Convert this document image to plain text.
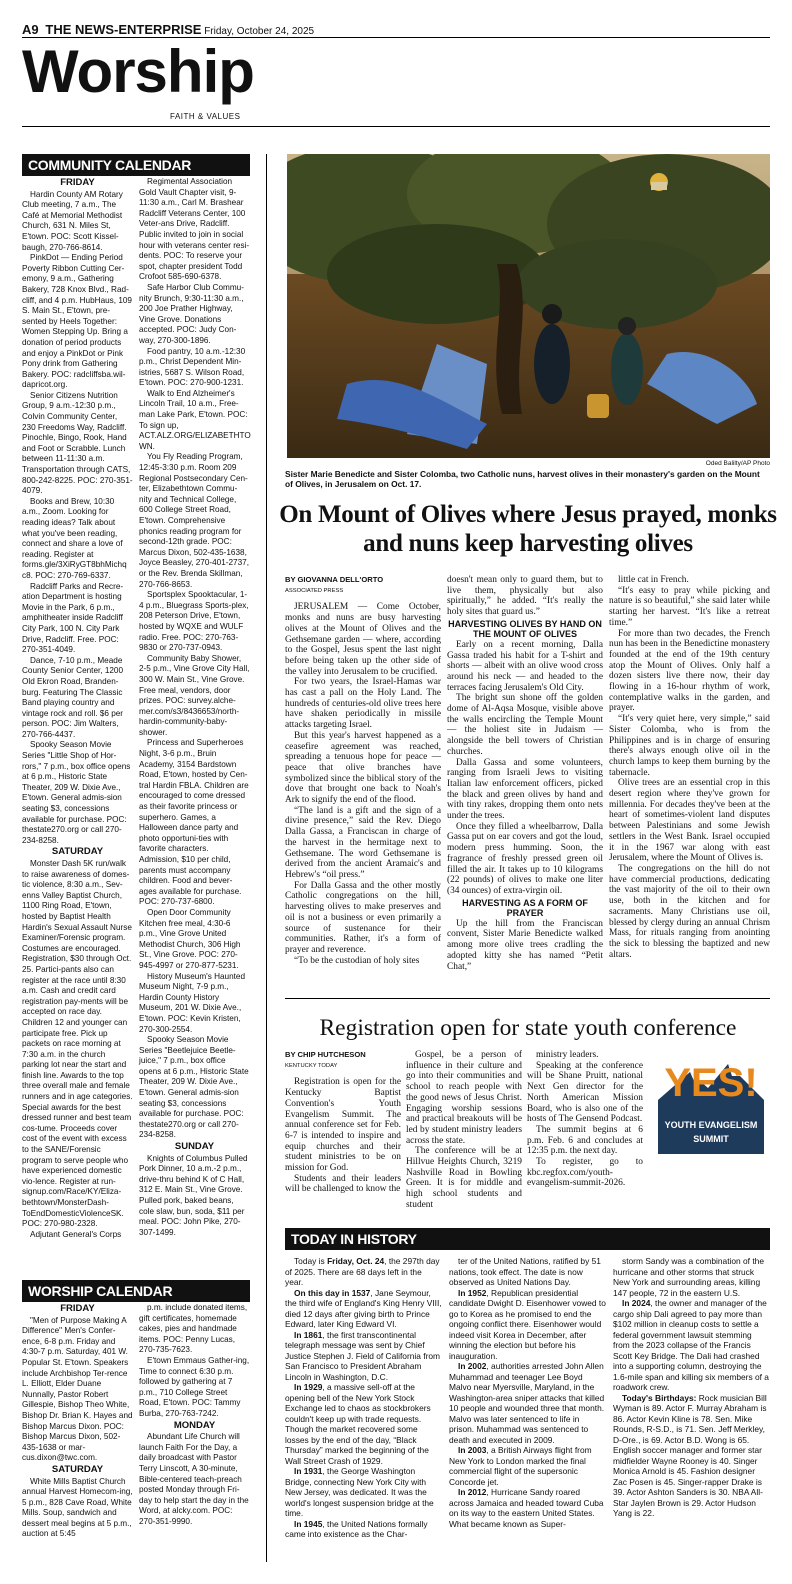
A9 THE NEWS-ENTERPRISE Friday, October 24, 2025
Worship
FAITH & VALUES
COMMUNITY CALENDAR
FRIDAY

Hardin County AM Rotary Club meeting, 7 a.m., The Café at Memorial Methodist Church, 631 N. Miles St, E'town. POC: Scott Kissel-baugh, 270-766-8614.

PinkDot — Ending Period Poverty Ribbon Cutting Cer-emony, 9 a.m., Gathering Bakery, 728 Knox Blvd., Rad-cliff, and 4 p.m. HubHaus, 109 S. Main St., E'town, pre-sented by Heels Together: Women Stepping Up. Bring a donation of period products and enjoy a PinkDot or Pink Pony drink from Gathering Bakery. POC: radcliffsba.wil-dapricot.org.

Senior Citizens Nutrition Group, 9 a.m.-12:30 p.m., Colvin Community Center, 230 Freedoms Way, Radcliff. Pinochle, Bingo, Rook, Hand and Foot or Scrabble. Lunch between 11-11:30 a.m. Transportation through CATS, 800-242-8225. POC: 270-351-4079.

Books and Brew, 10:30 a.m., Zoom. Looking for reading ideas? Talk about what you've been reading, connect and share a love of reading. Register at forms.gle/3XiRyGT8bhMichq c8. POC: 270-769-6337.

Radcliff Parks and Recre-ation Department is hosting Movie in the Park, 6 p.m., amphitheater inside Radcliff City Park, 100 N. City Park Drive, Radcliff. Free. POC: 270-351-4049.

Dance, 7-10 p.m., Meade County Senior Center, 1200 Old Ekron Road, Branden-burg. Featuring The Classic Band playing country and vintage rock and roll. $6 per person. POC: Jim Walters, 270-766-4437.

Spooky Season Movie Series "Little Shop of Hor-rors," 7 p.m., box office opens at 6 p.m., Historic State Theater, 209 W. Dixie Ave., E'town. General admis-sion seating $3, concessions available for purchase. POC: thestate270.org or call 270-234-8258.

SATURDAY

Monster Dash 5K run/walk to raise awareness of domes-tic violence, 8:30 a.m., Sev-enns Valley Baptist Church, 1100 Ring Road, E'town, hosted by Baptist Health Hardin's Sexual Assault Nurse Examiner/Forensic program. Costumes are encouraged. Registration, $30 through Oct. 25. Partici-pants also can register at the race until 8:30 a.m. Cash and credit card registration pay-ments will be accepted on race day. Children 12 and younger can participate free. Pick up packets on race morning at 7:30 a.m. in the church parking lot near the start and finish line. Awards to the top three overall male and female runners and in age categories. Special awards for the best dressed runner and best team cos-tume. Proceeds cover cost of the event with excess to the SANE/Forensic program to serve people who have experienced domestic vio-lence. Register at run-signup.com/Race/KY/Eliza-bethtown/MonsterDash-ToEndDomesticViolenceSK. POC: 270-980-2328.

Adjutant General's Corps

Regimental Association Gold Vault Chapter visit, 9-11:30 a.m., Carl M. Brashear Radcliff Veterans Center, 100 Veter-ans Drive, Radcliff. Public invited to join in social hour with veterans center resi-dents. POC: To reserve your spot, chapter president Todd Crofoot 585-690-6378.

Safe Harbor Club Commu-nity Brunch, 9:30-11:30 a.m., 200 Joe Prather Highway, Vine Grove. Donations accepted. POC: Judy Con-way, 270-300-1896.

Food pantry, 10 a.m.-12:30 p.m., Christ Dependent Min-istries, 5687 S. Wilson Road, E'town. POC: 270-900-1231.

Walk to End Alzheimer's Lincoln Trail, 10 a.m., Free-man Lake Park, E'town. POC: To sign up, ACT.ALZ.ORG/ELIZABETHTO WN.

You Fly Reading Program, 12:45-3:30 p.m. Room 209 Regional Postsecondary Cen-ter, Elizabethtown Commu-nity and Technical College, 600 College Street Road, E'town. Comprehensive phonics reading program for second-12th grade. POC: Marcus Dixon, 502-435-1638, Joyce Beasley, 270-401-2737, or the Rev. Brenda Skillman, 270-766-8653.

Sportsplex Spooktacular, 1-4 p.m., Bluegrass Sports-plex, 208 Peterson Drive, E'town, hosted by WQXE and WULF radio. Free. POC: 270-763-9830 or 270-737-0943.

Community Baby Shower, 2-5 p.m., Vine Grove City Hall, 300 W. Main St., Vine Grove. Free meal, vendors, door prizes. POC: survey.alche-mer.com/s3/8436653/north-hardin-community-baby-shower.

Princess and Superheroes Night, 3-6 p.m., Bruin Academy, 3154 Bardstown Road, E'town, hosted by Cen-tral Hardin FBLA. Children are encouraged to come dressed as their favorite princess or superhero. Games, a Halloween dance party and photo opportuni-ties with favorite characters. Admission, $10 per child, parents must accompany children. Food and bever-ages available for purchase. POC: 270-737-6800.

Open Door Community Kitchen free meal, 4:30-6 p.m., Vine Grove United Methodist Church, 306 High St., Vine Grove. POC: 270-945-4997 or 270-877-5231.

History Museum's Haunted Museum Night, 7-9 p.m., Hardin County History Museum, 201 W. Dixie Ave., E'town. POC: Kevin Kristen, 270-300-2554.

Spooky Season Movie Series "Beetlejuice Beetle-juice," 7 p.m., box office opens at 6 p.m., Historic State Theater, 209 W. Dixie Ave., E'town. General admis-sion seating $3, concessions available for purchase. POC: thestate270.org or call 270-234-8258.

SUNDAY

Knights of Columbus Pulled Pork Dinner, 10 a.m.-2 p.m., drive-thru behind K of C Hall, 312 E. Main St., Vine Grove. Pulled pork, baked beans, cole slaw, bun, soda, $11 per meal. POC: John Pike, 270-307-1499.

WORSHIP CALENDAR
FRIDAY

"Men of Purpose Making A Difference" Men's Confer-ence, 6-8 p.m. Friday and 4:30-7 p.m. Saturday, 401 W. Popular St. E'town. Speakers include Archbishop Ter-rence L. Elliott, Elder Duane Nunnally, Pastor Robert Gillespie, Bishop Theo White, Bishop Dr. Brian K. Hayes and Bishop Marcus Dixon. POC: Bishop Marcus Dixon, 502-435-1638 or mar-cus.dixon@twc.com.

SATURDAY

White Mills Baptist Church annual Harvest Homecom-ing, 5 p.m., 828 Cave Road, White Mills. Soup, sandwich and dessert meal begins at 5 p.m., auction at 5:45

p.m. include donated items, gift certificates, homemade cakes, pies and handmade items. POC: Penny Lucas, 270-735-7623.

E'town Emmaus Gather-ing, Time to connect 6:30 p.m. followed by gathering at 7 p.m., 710 College Street Road, E'town. POC: Tammy Burba, 270-763-7242.

MONDAY

Abundant Life Church will launch Faith For the Day, a daily broadcast with Pastor Terry Linscott, A 30-minute, Bible-centered teach-preach posted Monday through Fri-day to help start the day in the Word, at alcky.com. POC: 270-351-9990.

Oded Balilty/AP Photo
Sister Marie Benedicte and Sister Colomba, two Catholic nuns, harvest olives in their monastery's garden on the Mount of Olives, in Jerusalem on Oct. 17.
On Mount of Olives where Jesus prayed, monks and nuns keep harvesting olives
BY GIOVANNA DELL'ORTO
ASSOCIATED PRESS

JERUSALEM — Come October, monks and nuns are busy harvesting olives at the Mount of Olives and the Gethsemane garden — where, according to the Gospel, Jesus spent the last night before being taken up the other side of the valley into Jerusalem to be crucified.

For two years, the Israel-Hamas war has cast a pall on the Holy Land. The hundreds of centuries-old olive trees here have shaken periodically in missile attacks targeting Israel.

But this year's harvest happened as a ceasefire agreement was reached, spreading a tenuous hope for peace — peace that olive branches have symbolized since the biblical story of the dove that brought one back to Noah's Ark to signify the end of the flood.

“The land is a gift and the sign of a divine presence,” said the Rev. Diego Dalla Gassa, a Franciscan in charge of the harvest in the hermitage next to Gethsemane. The word Gethsemane is derived from the ancient Aramaic's and Hebrew's “oil press.”

For Dalla Gassa and the other mostly Catholic congregations on the hill, harvesting olives to make preserves and oil is not a business or even primarily a source of sustenance for their communities. Rather, it's a form of prayer and reverence.

“To be the custodian of holy sites

doesn't mean only to guard them, but to live them, physically but also spiritually,” he added. “It's really the holy sites that guard us.”

HARVESTING OLIVES BY HAND ON THE MOUNT OF OLIVES

Early on a recent morning, Dalla Gassa traded his habit for a T-shirt and shorts — albeit with an olive wood cross around his neck — and headed to the terraces facing Jerusalem's Old City.

The bright sun shone off the golden dome of Al-Aqsa Mosque, visible above the walls encircling the Temple Mount — the holiest site in Judaism — alongside the bell towers of Christian churches.

Dalla Gassa and some volunteers, ranging from Israeli Jews to visiting Italian law enforcement officers, picked the black and green olives by hand and with tiny rakes, dropping them onto nets under the trees.

Once they filled a wheelbarrow, Dalla Gassa put on ear covers and got the loud, modern press humming. Soon, the fragrance of freshly pressed green oil filled the air. It takes up to 10 kilograms (22 pounds) of olives to make one liter (34 ounces) of extra-virgin oil.

HARVESTING AS A FORM OF PRAYER

Up the hill from the Franciscan convent, Sister Marie Benedicte walked among more olive trees cradling the adopted kitty she has named “Petit Chat,”

little cat in French.

“It's easy to pray while picking and nature is so beautiful,” she said later while starting her harvest. “It's like a retreat time.”

For more than two decades, the French nun has been in the Benedictine monastery founded at the end of the 19th century atop the Mount of Olives. Only half a dozen sisters live there now, their day flowing in a 16-hour rhythm of work, contemplative walks in the garden, and prayer.

“It's very quiet here, very simple,” said Sister Colomba, who is from the Philippines and is in charge of ensuring there's always enough olive oil in the church lamps to keep them burning by the tabernacle.

Olive trees are an essential crop in this desert region where they've grown for millennia. For decades they've been at the heart of sometimes-violent land disputes between Palestinians and some Jewish settlers in the West Bank. Israel occupied it in the 1967 war along with east Jerusalem, where the Mount of Olives is.

The congregations on the hill do not have commercial productions, dedicating the vast majority of the oil to their own use, both in the kitchen and for sacraments. Many Christians use oil, blessed by clergy during an annual Chrism Mass, for rituals ranging from anointing the sick to blessing the baptized and new altars.

Registration open for state youth conference
BY CHIP HUTCHESON
KENTUCKY TODAY

Registration is open for the Kentucky Baptist Convention's Youth Evangelism Summit. The annual conference set for Feb. 6-7 is intended to inspire and equip churches and their student ministries to be on mission for God.

Students and their leaders will be challenged to know the

Gospel, be a person of influence in their culture and go into their communities and school to reach people with the good news of Jesus Christ. Engaging worship sessions and practical breakouts will be led by student ministry leaders across the state.

The conference will be at Hillvue Heights Church, 3219 Nashville Road in Bowling Green. It is for middle and high school students and student

ministry leaders.

Speaking at the conference will be Shane Pruitt, national Next Gen director for the North American Mission Board, who is also one of the hosts of The Gensend Podcast.

The summit begins at 6 p.m. Feb. 6 and concludes at 12:35 p.m. the next day.

To register, go to kbc.regfox.com/youth-evangelism-summit-2026.

YES!
YOUTH EVANGELISM
SUMMIT
TODAY IN HISTORY

Today is Friday, Oct. 24, the 297th day of 2025. There are 68 days left in the year.

On this day in 1537, Jane Seymour, the third wife of England's King Henry VIII, died 12 days after giving birth to Prince Edward, later King Edward VI.

In 1861, the first transcontinental telegraph message was sent by Chief Justice Stephen J. Field of California from San Francisco to President Abraham Lincoln in Washington, D.C.

In 1929, a massive sell-off at the opening bell of the New York Stock Exchange led to chaos as stockbrokers couldn't keep up with trade requests. Though the market recovered some losses by the end of the day, “Black Thursday” marked the beginning of the Wall Street Crash of 1929.

In 1931, the George Washington Bridge, connecting New York City with New Jersey, was dedicated. It was the world's longest suspension bridge at the time.

In 1945, the United Nations formally came into existence as the Char-

ter of the United Nations, ratified by 51 nations, took effect. The date is now observed as United Nations Day.

In 1952, Republican presidential candidate Dwight D. Eisenhower vowed to go to Korea as he promised to end the ongoing conflict there. Eisenhower would indeed visit Korea in December, after winning the election but before his inauguration.

In 2002, authorities arrested John Allen Muhammad and teenager Lee Boyd Malvo near Myersville, Maryland, in the Washington-area sniper attacks that killed 10 people and wounded three that month. Malvo was later sentenced to life in prison. Muhammad was sentenced to death and executed in 2009.

In 2003, a British Airways flight from New York to London marked the final commercial flight of the supersonic Concorde jet.

In 2012, Hurricane Sandy roared across Jamaica and headed toward Cuba on its way to the eastern United States. What became known as Super-

storm Sandy was a combination of the hurricane and other storms that struck New York and surrounding areas, killing 147 people, 72 in the eastern U.S.

In 2024, the owner and manager of the cargo ship Dali agreed to pay more than $102 million in cleanup costs to settle a federal government lawsuit stemming from the 2023 collapse of the Francis Scott Key Bridge. The Dali had crashed into a supporting column, destroying the 1.6-mile span and killing six members of a roadwork crew.

Today's Birthdays: Rock musician Bill Wyman is 89. Actor F. Murray Abraham is 86. Actor Kevin Kline is 78. Sen. Mike Rounds, R-S.D., is 71. Sen. Jeff Merkley, D-Ore., is 69. Actor B.D. Wong is 65. English soccer manager and former star midfielder Wayne Rooney is 40. Singer Monica Arnold is 45. Fashion designer Zac Posen is 45. Singer-rapper Drake is 39. Actor Ashton Sanders is 30. NBA All-Star Jaylen Brown is 29. Actor Hudson Yang is 22.
